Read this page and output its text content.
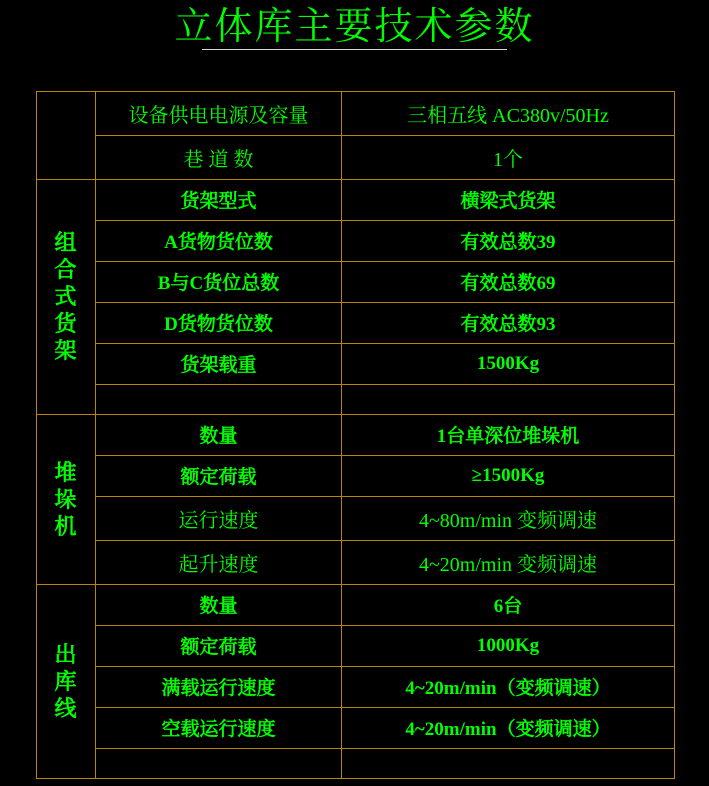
立体库主要技术参数
	设备供电电源及容量	三相五线 AC380v/50Hz
	巷 道 数	1个

组合式货架	货架型式	横梁式货架
	A货物货位数	有效总数39
	B与C货位总数	有效总数69
	D货物货位数	有效总数93
	货架载重	1500Kg

堆垛机	数量	1台单深位堆垛机
	额定荷载	≥1500Kg
	运行速度	4~80m/min 变频调速
	起升速度	4~20m/min 变频调速

出库线	数量	6台
	额定荷载	1000Kg
	满载运行速度	4~20m/min（变频调速）
	空载运行速度	4~20m/min（变频调速）
